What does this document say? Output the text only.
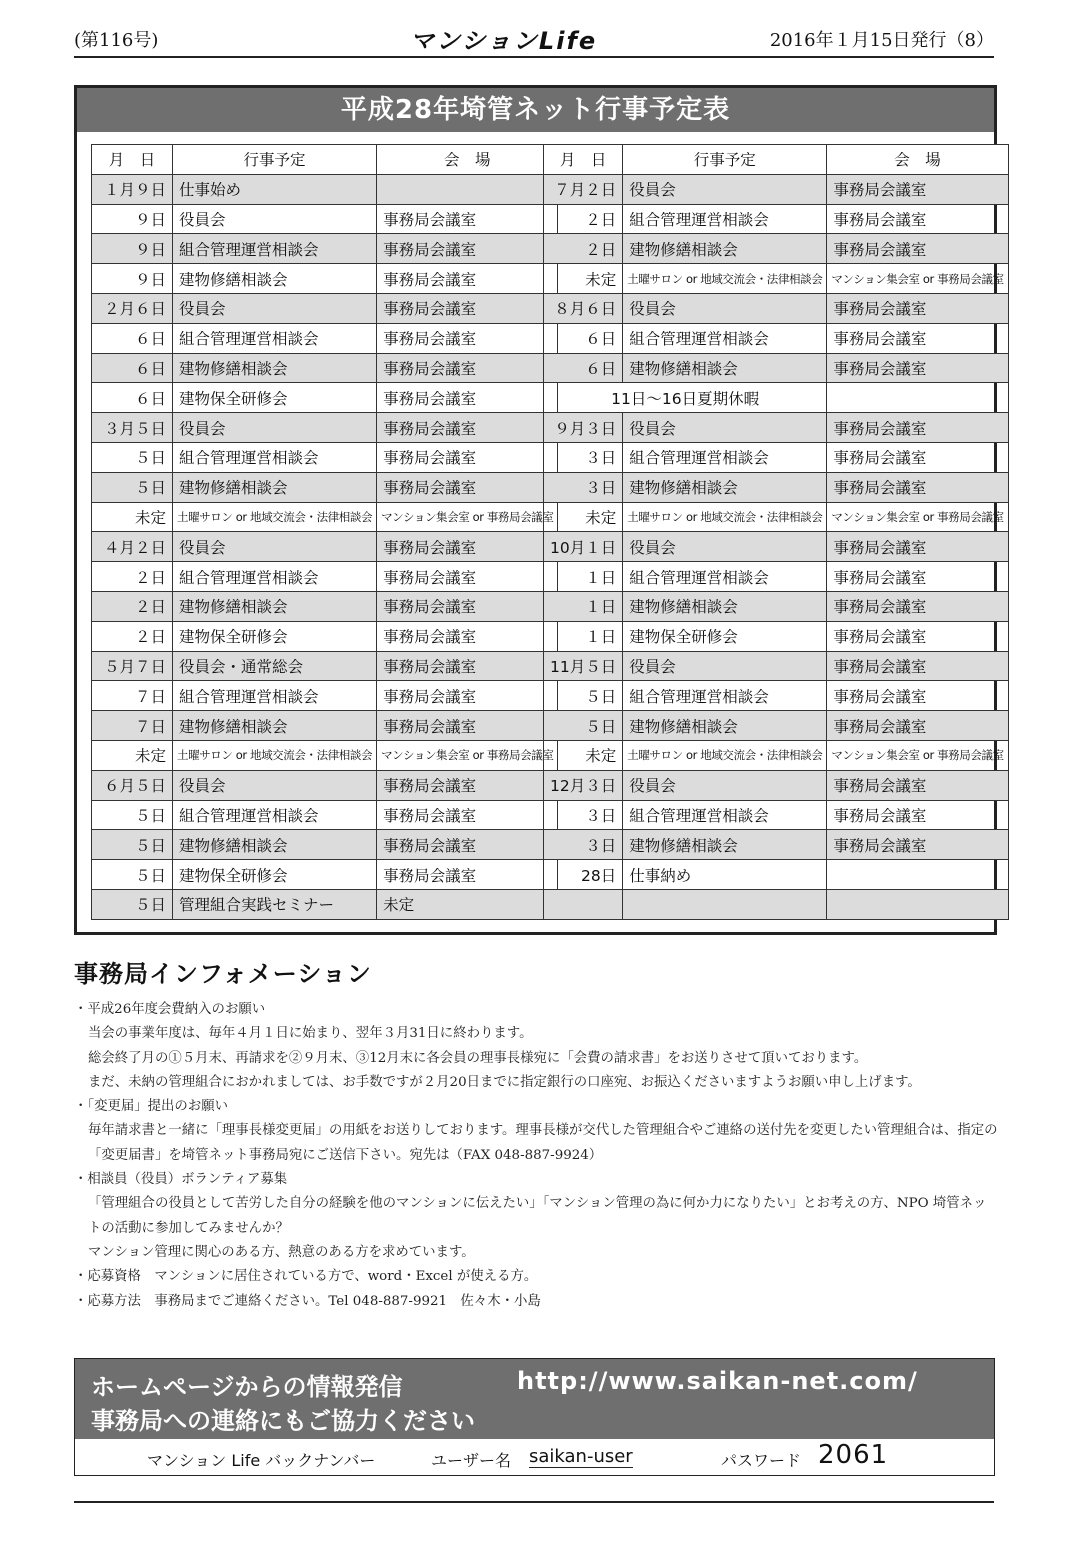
(第116号)	マンションLife	2016年１月15日発行（8）
平成28年埼管ネット行事予定表
月　日	行事予定	会　場
１月９日	仕事始め	
９日	役員会	事務局会議室
９日	組合管理運営相談会	事務局会議室
９日	建物修繕相談会	事務局会議室
２月６日	役員会	事務局会議室
６日	組合管理運営相談会	事務局会議室
６日	建物修繕相談会	事務局会議室
６日	建物保全研修会	事務局会議室
３月５日	役員会	事務局会議室
５日	組合管理運営相談会	事務局会議室
５日	建物修繕相談会	事務局会議室
未定	土曜サロン or 地域交流会・法律相談会	マンション集会室 or 事務局会議室
４月２日	役員会	事務局会議室
２日	組合管理運営相談会	事務局会議室
２日	建物修繕相談会	事務局会議室
２日	建物保全研修会	事務局会議室
５月７日	役員会・通常総会	事務局会議室
７日	組合管理運営相談会	事務局会議室
７日	建物修繕相談会	事務局会議室
未定	土曜サロン or 地域交流会・法律相談会	マンション集会室 or 事務局会議室
６月５日	役員会	事務局会議室
５日	組合管理運営相談会	事務局会議室
５日	建物修繕相談会	事務局会議室
５日	建物保全研修会	事務局会議室
５日	管理組合実践セミナー	未定
月　日	行事予定	会　場
７月２日	役員会	事務局会議室
２日	組合管理運営相談会	事務局会議室
２日	建物修繕相談会	事務局会議室
未定	土曜サロン or 地域交流会・法律相談会	マンション集会室 or 事務局会議室
８月６日	役員会	事務局会議室
６日	組合管理運営相談会	事務局会議室
６日	建物修繕相談会	事務局会議室
11日～16日夏期休暇		
９月３日	役員会	事務局会議室
３日	組合管理運営相談会	事務局会議室
３日	建物修繕相談会	事務局会議室
未定	土曜サロン or 地域交流会・法律相談会	マンション集会室 or 事務局会議室
10月１日	役員会	事務局会議室
１日	組合管理運営相談会	事務局会議室
１日	建物修繕相談会	事務局会議室
１日	建物保全研修会	事務局会議室
11月５日	役員会	事務局会議室
５日	組合管理運営相談会	事務局会議室
５日	建物修繕相談会	事務局会議室
未定	土曜サロン or 地域交流会・法律相談会	マンション集会室 or 事務局会議室
12月３日	役員会	事務局会議室
３日	組合管理運営相談会	事務局会議室
３日	建物修繕相談会	事務局会議室
28日	仕事納め	

事務局インフォメーション

・平成26年度会費納入のお願い

当会の事業年度は、毎年４月１日に始まり、翌年３月31日に終わります。

総会終了月の①５月末、再請求を②９月末、③12月末に各会員の理事長様宛に「会費の請求書」をお送りさせて頂いております。

まだ、未納の管理組合におかれましては、お手数ですが２月20日までに指定銀行の口座宛、お振込くださいますようお願い申し上げます。

・「変更届」提出のお願い

毎年請求書と一緒に「理事長様変更届」の用紙をお送りしております。理事長様が交代した管理組合やご連絡の送付先を変更したい管理組合は、指定の「変更届書」を埼管ネット事務局宛にご送信下さい。宛先は（FAX 048-887-9924）

・相談員（役員）ボランティア募集

「管理組合の役員として苦労した自分の経験を他のマンションに伝えたい」「マンション管理の為に何か力になりたい」とお考えの方、NPO 埼管ネットの活動に参加してみませんか？

マンション管理に関心のある方、熱意のある方を求めています。

・応募資格　マンションに居住されている方で、word・Excel が使える方。

・応募方法　事務局までご連絡ください。Tel 048-887-9921　佐々木・小島

ホームページからの情報発信	http://www.saikan-net.com/
事務局への連絡にもご協力ください
マンション Life バックナンバー	ユーザー名 saikan-user	パスワード 2061
